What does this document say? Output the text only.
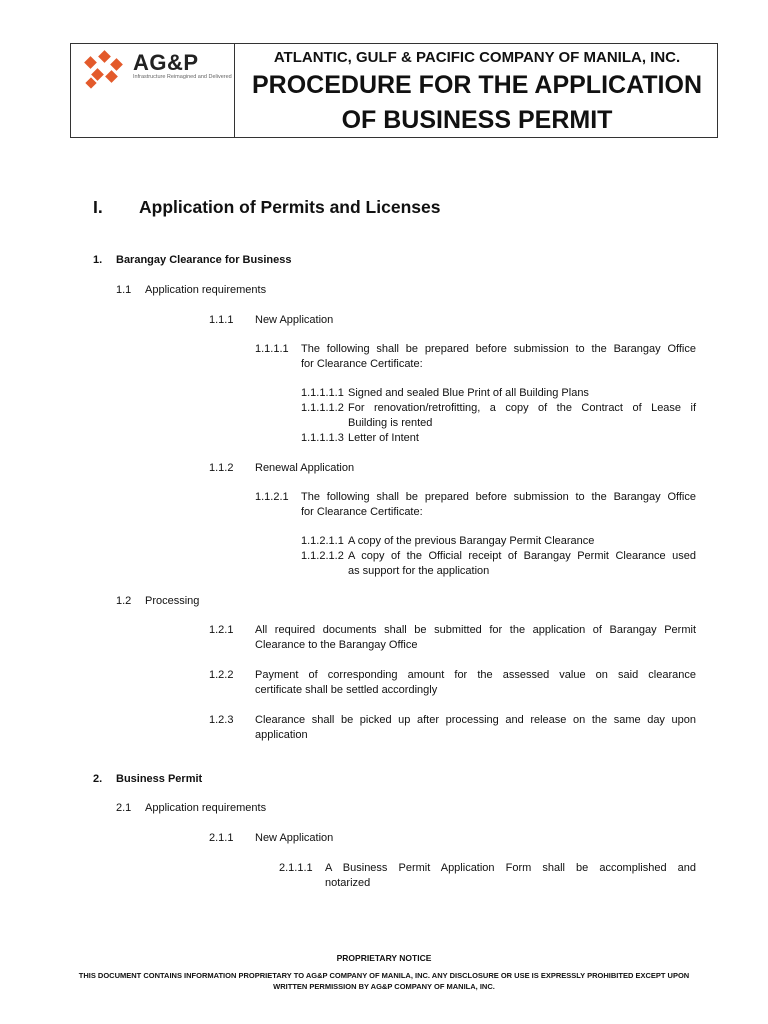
AG&P
Infrastructure Reimagined and Delivered
ATLANTIC, GULF & PACIFIC COMPANY OF MANILA, INC.
PROCEDURE FOR THE APPLICATION
OF BUSINESS PERMIT
I. Application of Permits and Licenses
1. Barangay Clearance for Business
1.1 Application requirements
1.1.1 New Application
1.1.1.1 The following shall be prepared before submission to the Barangay Office
for Clearance Certificate:
1.1.1.1.1 Signed and sealed Blue Print of all Building Plans
1.1.1.1.2 For renovation/retrofitting, a copy of the Contract of Lease if
Building is rented
1.1.1.1.3 Letter of Intent
1.1.2 Renewal Application
1.1.2.1 The following shall be prepared before submission to the Barangay Office
for Clearance Certificate:
1.1.2.1.1 A copy of the previous Barangay Permit Clearance
1.1.2.1.2 A copy of the Official receipt of Barangay Permit Clearance used
as support for the application
1.2 Processing
1.2.1 All required documents shall be submitted for the application of Barangay Permit
Clearance to the Barangay Office
1.2.2 Payment of corresponding amount for the assessed value on said clearance
certificate shall be settled accordingly
1.2.3 Clearance shall be picked up after processing and release on the same day upon
application
2. Business Permit
2.1 Application requirements
2.1.1 New Application
2.1.1.1 A Business Permit Application Form shall be accomplished and
notarized
PROPRIETARY NOTICE
THIS DOCUMENT CONTAINS INFORMATION PROPRIETARY TO AG&P COMPANY OF MANILA, INC. ANY DISCLOSURE OR USE IS EXPRESSLY PROHIBITED EXCEPT UPON WRITTEN PERMISSION BY AG&P COMPANY OF MANILA, INC.
